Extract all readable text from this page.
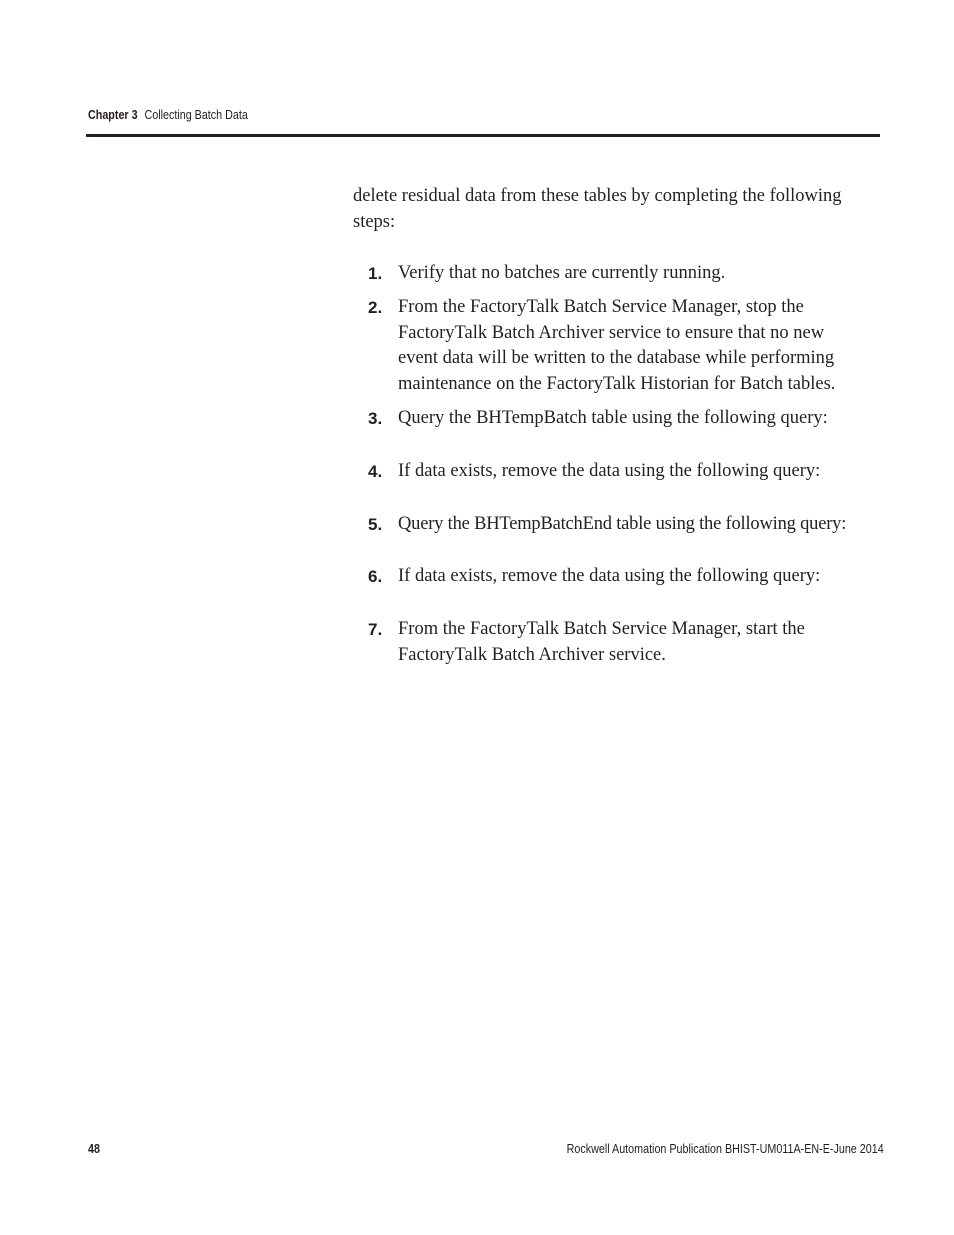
Chapter 3 Collecting Batch Data
delete residual data from these tables by completing the following steps:
1. Verify that no batches are currently running.
2. From the FactoryTalk Batch Service Manager, stop the FactoryTalk Batch Archiver service to ensure that no new event data will be written to the database while performing maintenance on the FactoryTalk Historian for Batch tables.
3. Query the BHTempBatch table using the following query:
4. If data exists, remove the data using the following query:
5. Query the BHTempBatchEnd table using the following query:
6. If data exists, remove the data using the following query:
7. From the FactoryTalk Batch Service Manager, start the FactoryTalk Batch Archiver service.
48	Rockwell Automation Publication BHIST-UM011A-EN-E-June 2014
